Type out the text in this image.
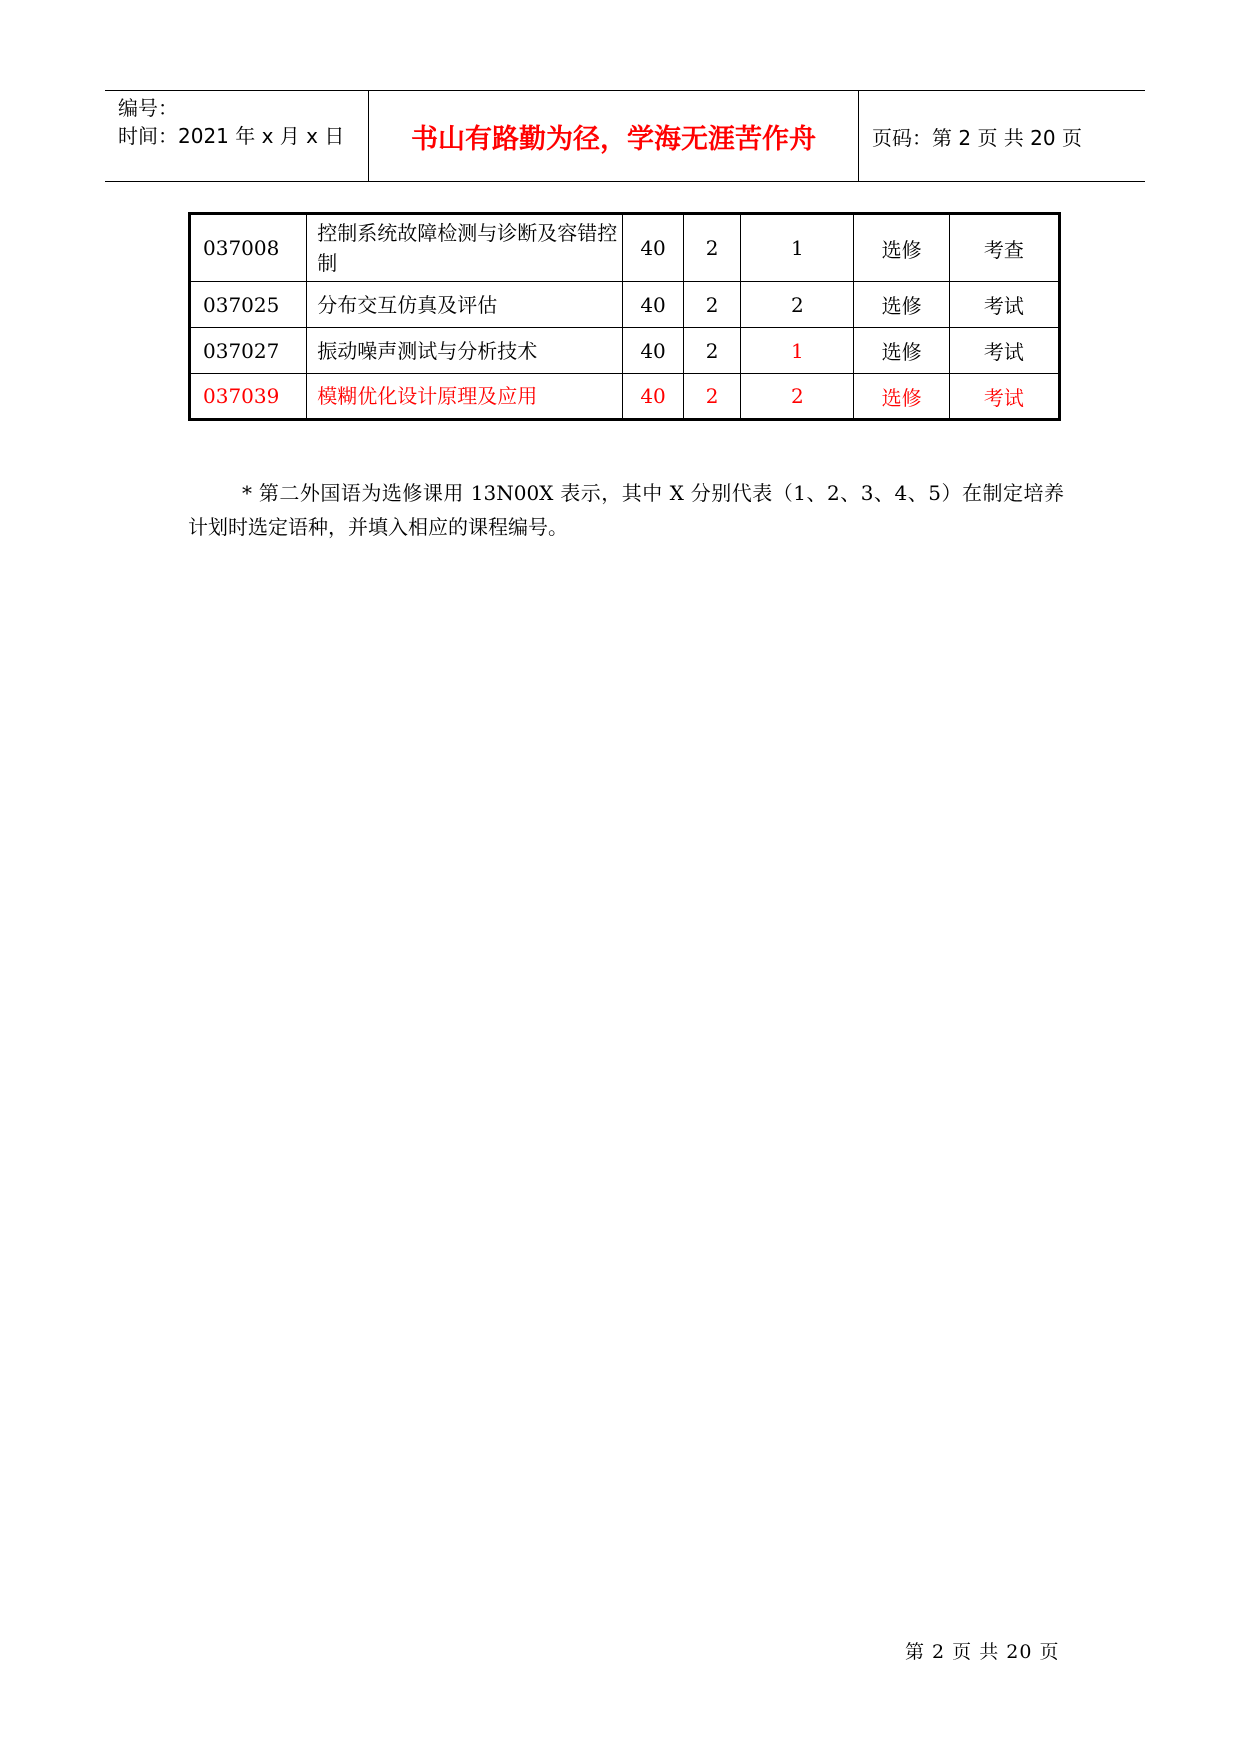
编号：
时间：2021 年 x 月 x 日	书山有路勤为径，学海无涯苦作舟	页码：第 2 页 共 20 页
037008	控制系统故障检测与诊断及容错控制	40	2	1	选修	考查
037025	分布交互仿真及评估	40	2	2	选修	考试
037027	振动噪声测试与分析技术	40	2	1	选修	考试
037039	模糊优化设计原理及应用	40	2	2	选修	考试

* 第二外国语为选修课用 13N00X 表示，其中 X 分别代表（1、2、3、4、5）在制定培养计划时选定语种，并填入相应的课程编号。

第 2 页 共 20 页
